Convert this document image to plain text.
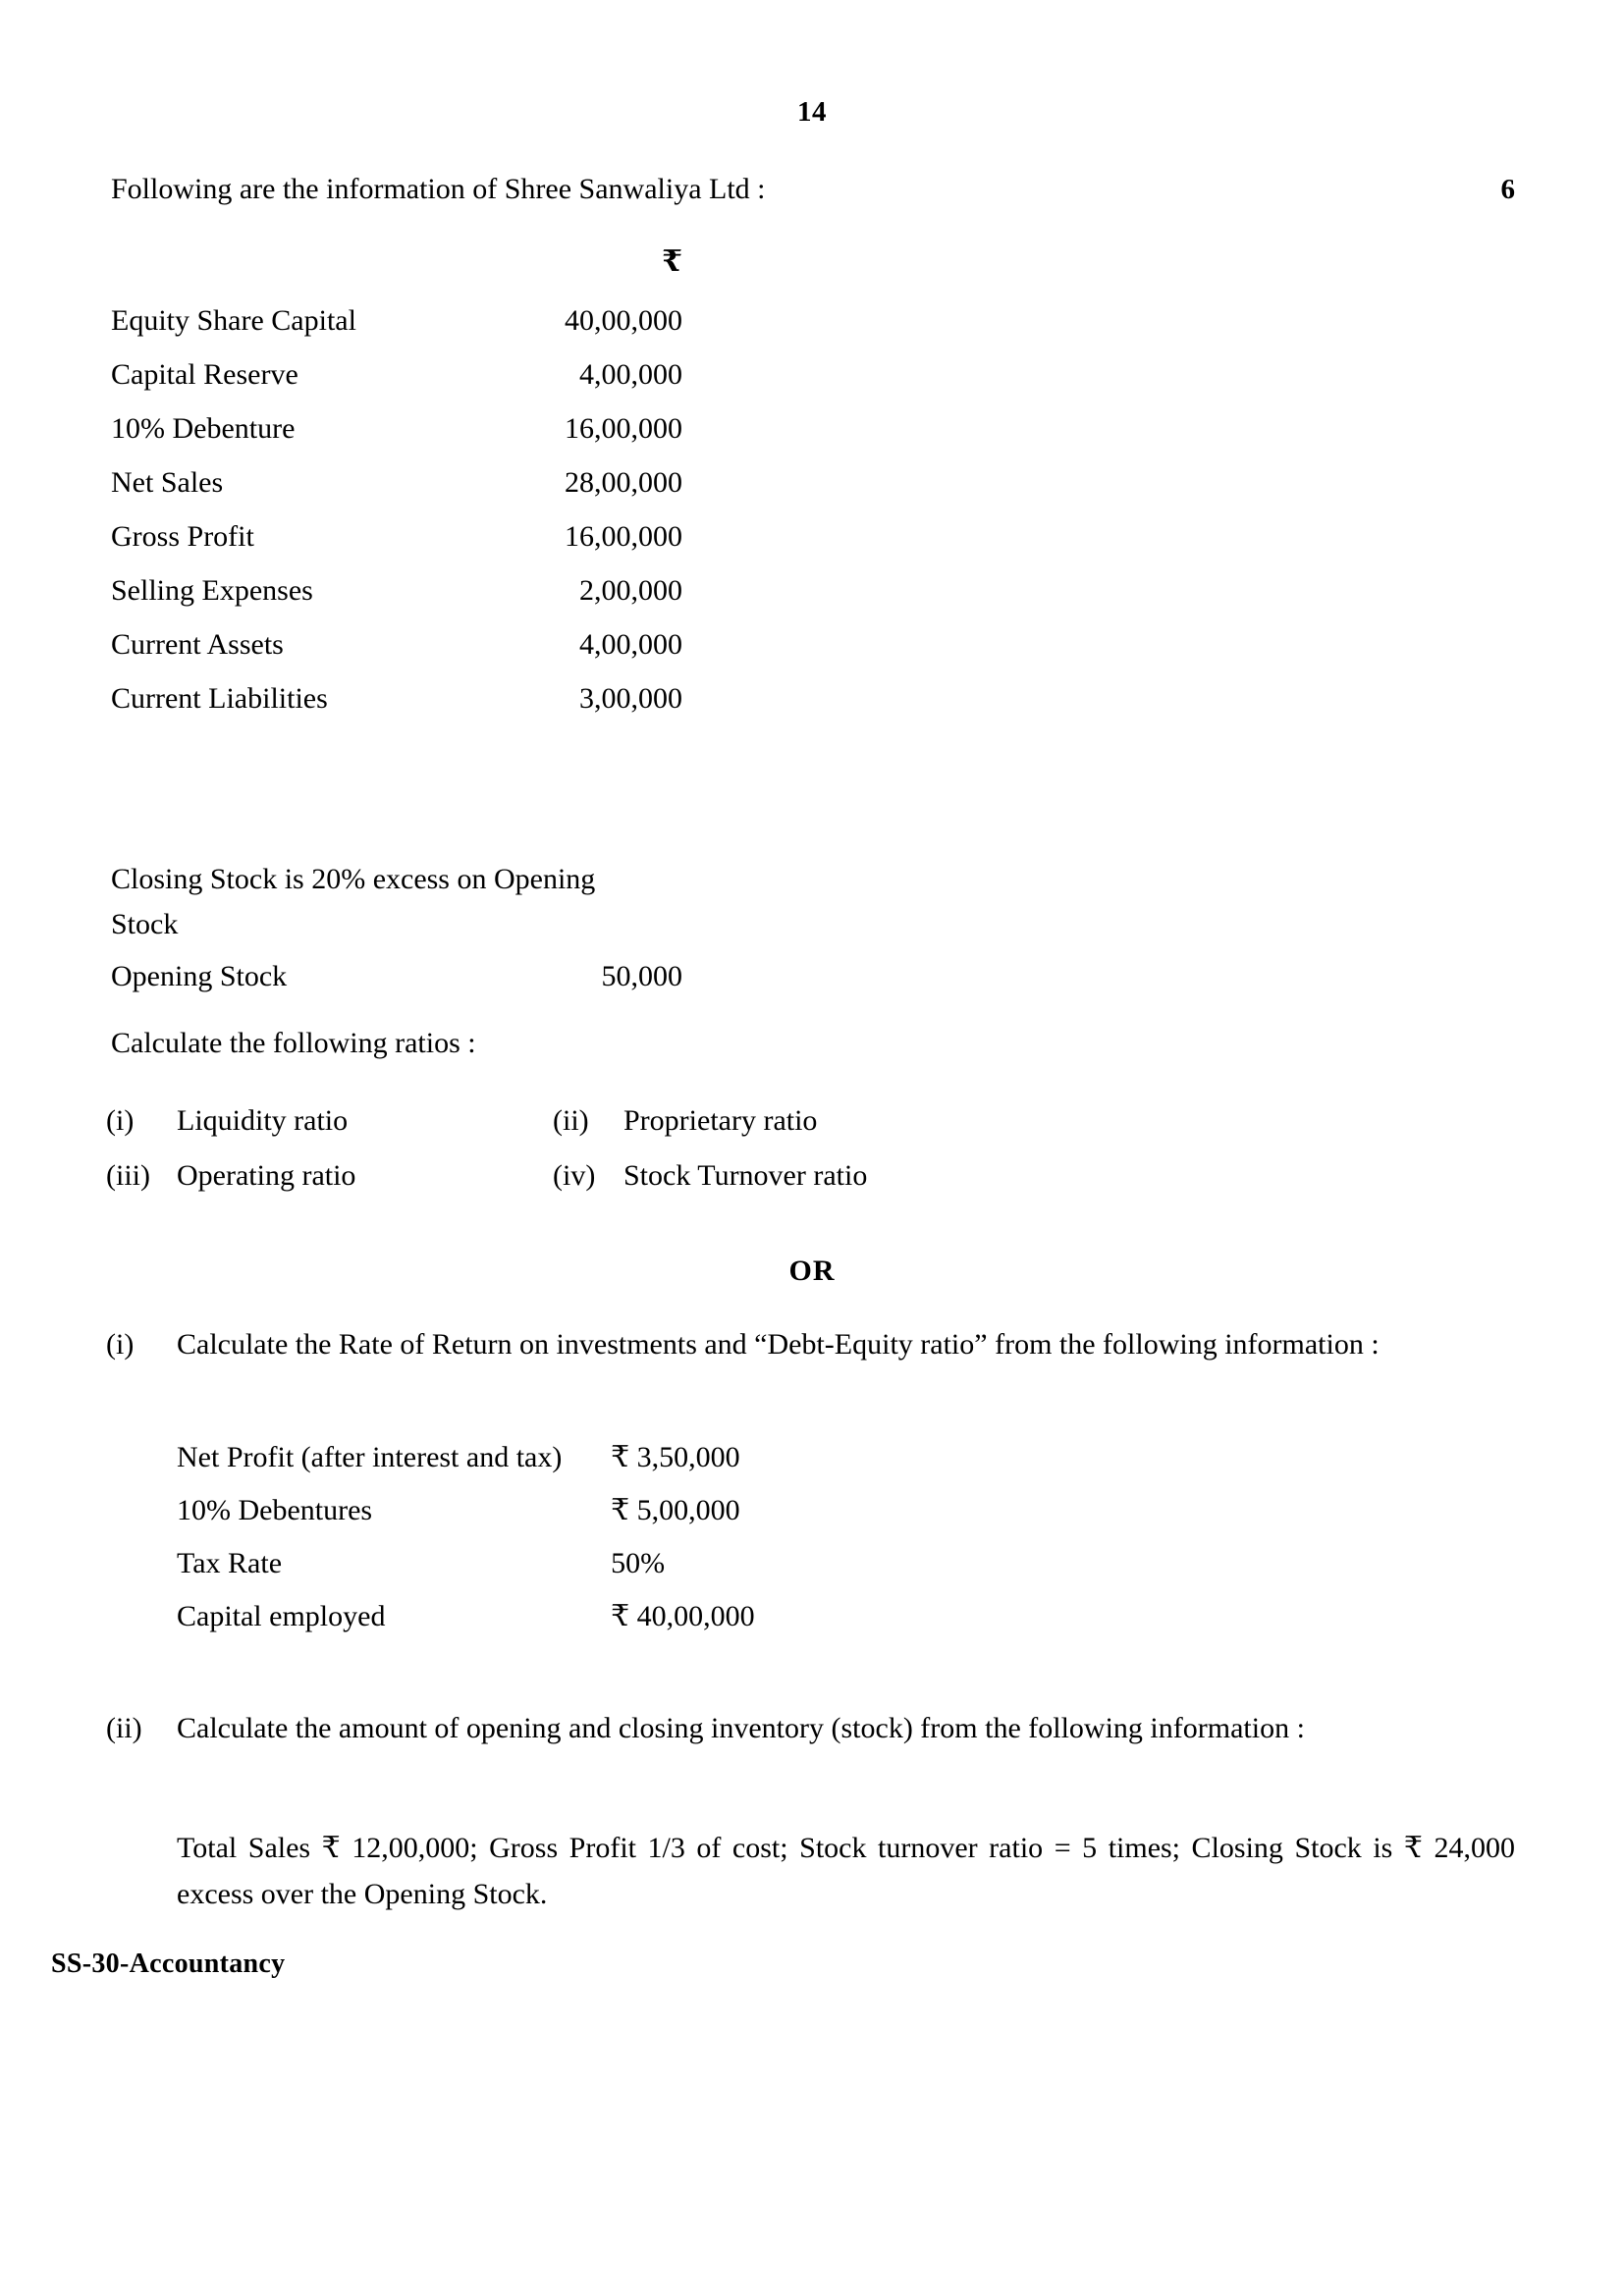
14
Following are the information of Shree Sanwaliya Ltd :	6
₹
Equity Share Capital	40,00,000
Capital Reserve	4,00,000
10% Debenture	16,00,000
Net Sales	28,00,000
Gross Profit	16,00,000
Selling Expenses	2,00,000
Current Assets	4,00,000
Current Liabilities	3,00,000
Closing Stock is 20% excess on Opening Stock
Opening Stock	50,000
Calculate the following ratios :
(i)	Liquidity ratio	(ii)	Proprietary ratio
(iii) Operating ratio	(iv) Stock Turnover ratio
OR
(i)	Calculate the Rate of Return on investments and “Debt-Equity ratio” from the following information :
Net Profit (after interest and tax)	₹ 3,50,000
10% Debentures	₹ 5,00,000
Tax Rate	50%
Capital employed	₹ 40,00,000
(ii)	Calculate the amount of opening and closing inventory (stock) from the following information :
Total Sales ₹ 12,00,000; Gross Profit 1/3 of cost; Stock turnover ratio = 5 times; Closing Stock is ₹ 24,000 excess over the Opening Stock.
SS-30-Accountancy
